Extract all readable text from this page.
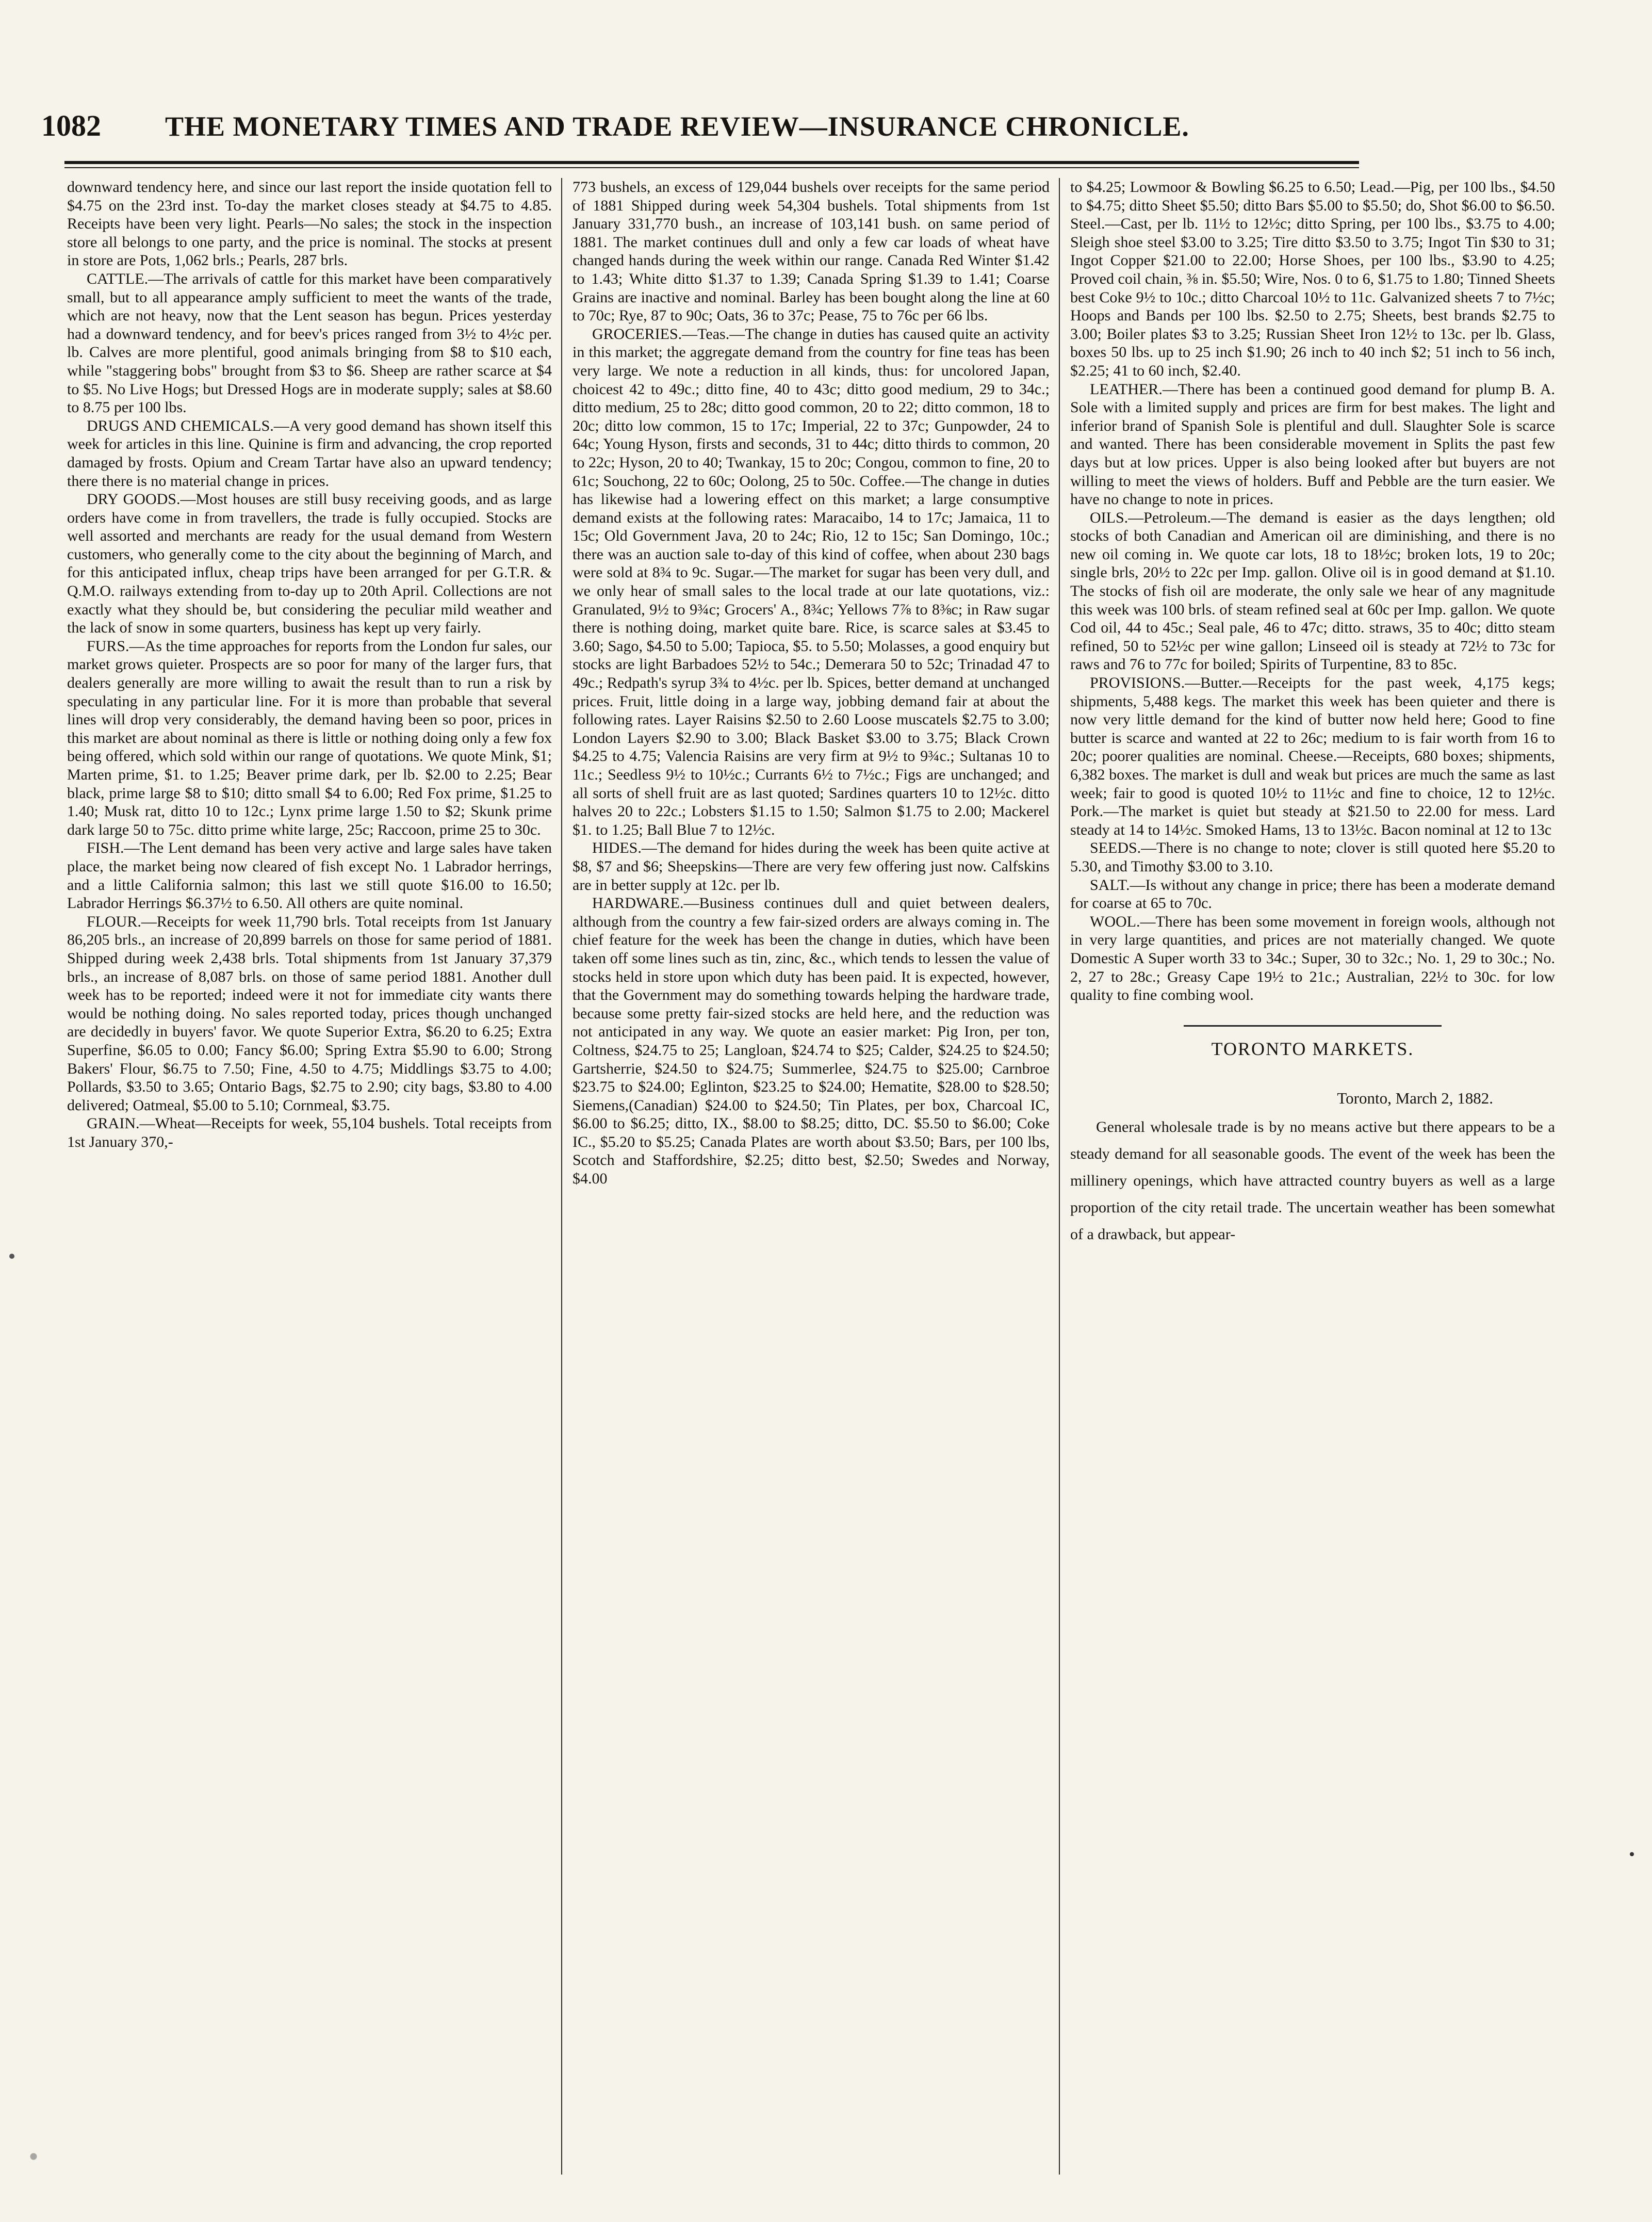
1082	THE MONETARY TIMES AND TRADE REVIEW—INSURANCE CHRONICLE.

downward tendency here, and since our last report the inside quotation fell to $4.75 on the 23rd inst. To-day the market closes steady at $4.75 to 4.85. Receipts have been very light. Pearls—No sales; the stock in the inspection store all belongs to one party, and the price is nominal. The stocks at present in store are Pots, 1,062 brls.; Pearls, 287 brls.

CATTLE.—The arrivals of cattle for this market have been comparatively small, but to all appearance amply sufficient to meet the wants of the trade, which are not heavy, now that the Lent season has begun. Prices yesterday had a downward tendency, and for beev's prices ranged from 3½ to 4½c per. lb. Calves are more plentiful, good animals bringing from $8 to $10 each, while "staggering bobs" brought from $3 to $6. Sheep are rather scarce at $4 to $5. No Live Hogs; but Dressed Hogs are in moderate supply; sales at $8.60 to 8.75 per 100 lbs.

DRUGS AND CHEMICALS.—A very good demand has shown itself this week for articles in this line. Quinine is firm and advancing, the crop reported damaged by frosts. Opium and Cream Tartar have also an upward tendency; there there is no material change in prices.

DRY GOODS.—Most houses are still busy receiving goods, and as large orders have come in from travellers, the trade is fully occupied. Stocks are well assorted and merchants are ready for the usual demand from Western customers, who generally come to the city about the beginning of March, and for this anticipated influx, cheap trips have been arranged for per G.T.R. & Q.M.O. railways extending from to-day up to 20th April. Collections are not exactly what they should be, but considering the peculiar mild weather and the lack of snow in some quarters, business has kept up very fairly.

FURS.—As the time approaches for reports from the London fur sales, our market grows quieter. Prospects are so poor for many of the larger furs, that dealers generally are more willing to await the result than to run a risk by speculating in any particular line. For it is more than probable that several lines will drop very considerably, the demand having been so poor, prices in this market are about nominal as there is little or nothing doing only a few fox being offered, which sold within our range of quotations. We quote Mink, $1; Marten prime, $1. to 1.25; Beaver prime dark, per lb. $2.00 to 2.25; Bear black, prime large $8 to $10; ditto small $4 to 6.00; Red Fox prime, $1.25 to 1.40; Musk rat, ditto 10 to 12c.; Lynx prime large 1.50 to $2; Skunk prime dark large 50 to 75c. ditto prime white large, 25c; Raccoon, prime 25 to 30c.

FISH.—The Lent demand has been very active and large sales have taken place, the market being now cleared of fish except No. 1 Labrador herrings, and a little California salmon; this last we still quote $16.00 to 16.50; Labrador Herrings $6.37½ to 6.50. All others are quite nominal.

FLOUR.—Receipts for week 11,790 brls. Total receipts from 1st January 86,205 brls., an increase of 20,899 barrels on those for same period of 1881. Shipped during week 2,438 brls. Total shipments from 1st January 37,379 brls., an increase of 8,087 brls. on those of same period 1881. Another dull week has to be reported; indeed were it not for immediate city wants there would be nothing doing. No sales reported today, prices though unchanged are decidedly in buyers' favor. We quote Superior Extra, $6.20 to 6.25; Extra Superfine, $6.05 to 0.00; Fancy $6.00; Spring Extra $5.90 to 6.00; Strong Bakers' Flour, $6.75 to 7.50; Fine, 4.50 to 4.75; Middlings $3.75 to 4.00; Pollards, $3.50 to 3.65; Ontario Bags, $2.75 to 2.90; city bags, $3.80 to 4.00 delivered; Oatmeal, $5.00 to 5.10; Cornmeal, $3.75.

GRAIN.—Wheat—Receipts for week, 55,104 bushels. Total receipts from 1st January 370,-

773 bushels, an excess of 129,044 bushels over receipts for the same period of 1881 Shipped during week 54,304 bushels. Total shipments from 1st January 331,770 bush., an increase of 103,141 bush. on same period of 1881. The market continues dull and only a few car loads of wheat have changed hands during the week within our range. Canada Red Winter $1.42 to 1.43; White ditto $1.37 to 1.39; Canada Spring $1.39 to 1.41; Coarse Grains are inactive and nominal. Barley has been bought along the line at 60 to 70c; Rye, 87 to 90c; Oats, 36 to 37c; Pease, 75 to 76c per 66 lbs.

GROCERIES.—Teas.—The change in duties has caused quite an activity in this market; the aggregate demand from the country for fine teas has been very large. We note a reduction in all kinds, thus: for uncolored Japan, choicest 42 to 49c.; ditto fine, 40 to 43c; ditto good medium, 29 to 34c.; ditto medium, 25 to 28c; ditto good common, 20 to 22; ditto common, 18 to 20c; ditto low common, 15 to 17c; Imperial, 22 to 37c; Gunpowder, 24 to 64c; Young Hyson, firsts and seconds, 31 to 44c; ditto thirds to common, 20 to 22c; Hyson, 20 to 40; Twankay, 15 to 20c; Congou, common to fine, 20 to 61c; Souchong, 22 to 60c; Oolong, 25 to 50c. Coffee.—The change in duties has likewise had a lowering effect on this market; a large consumptive demand exists at the following rates: Maracaibo, 14 to 17c; Jamaica, 11 to 15c; Old Government Java, 20 to 24c; Rio, 12 to 15c; San Domingo, 10c.; there was an auction sale to-day of this kind of coffee, when about 230 bags were sold at 8¾ to 9c. Sugar.—The market for sugar has been very dull, and we only hear of small sales to the local trade at our late quotations, viz.: Granulated, 9½ to 9¾c; Grocers' A., 8¾c; Yellows 7⅞ to 8⅜c; in Raw sugar there is nothing doing, market quite bare. Rice, is scarce sales at $3.45 to 3.60; Sago, $4.50 to 5.00; Tapioca, $5. to 5.50; Molasses, a good enquiry but stocks are light Barbadoes 52½ to 54c.; Demerara 50 to 52c; Trinadad 47 to 49c.; Redpath's syrup 3¾ to 4½c. per lb. Spices, better demand at unchanged prices. Fruit, little doing in a large way, jobbing demand fair at about the following rates. Layer Raisins $2.50 to 2.60 Loose muscatels $2.75 to 3.00; London Layers $2.90 to 3.00; Black Basket $3.00 to 3.75; Black Crown $4.25 to 4.75; Valencia Raisins are very firm at 9½ to 9¾c.; Sultanas 10 to 11c.; Seedless 9½ to 10½c.; Currants 6½ to 7½c.; Figs are unchanged; and all sorts of shell fruit are as last quoted; Sardines quarters 10 to 12½c. ditto halves 20 to 22c.; Lobsters $1.15 to 1.50; Salmon $1.75 to 2.00; Mackerel $1. to 1.25; Ball Blue 7 to 12½c.

HIDES.—The demand for hides during the week has been quite active at $8, $7 and $6; Sheepskins—There are very few offering just now. Calfskins are in better supply at 12c. per lb.

HARDWARE.—Business continues dull and quiet between dealers, although from the country a few fair-sized orders are always coming in. The chief feature for the week has been the change in duties, which have been taken off some lines such as tin, zinc, &c., which tends to lessen the value of stocks held in store upon which duty has been paid. It is expected, however, that the Government may do something towards helping the hardware trade, because some pretty fair-sized stocks are held here, and the reduction was not anticipated in any way. We quote an easier market: Pig Iron, per ton, Coltness, $24.75 to 25; Langloan, $24.74 to $25; Calder, $24.25 to $24.50; Gartsherrie, $24.50 to $24.75; Summerlee, $24.75 to $25.00; Carnbroe $23.75 to $24.00; Eglinton, $23.25 to $24.00; Hematite, $28.00 to $28.50; Siemens,(Canadian) $24.00 to $24.50; Tin Plates, per box, Charcoal IC, $6.00 to $6.25; ditto, IX., $8.00 to $8.25; ditto, DC. $5.50 to $6.00; Coke IC., $5.20 to $5.25; Canada Plates are worth about $3.50; Bars, per 100 lbs, Scotch and Staffordshire, $2.25; ditto best, $2.50; Swedes and Norway, $4.00

to $4.25; Lowmoor & Bowling $6.25 to 6.50; Lead.—Pig, per 100 lbs., $4.50 to $4.75; ditto Sheet $5.50; ditto Bars $5.00 to $5.50; do, Shot $6.00 to $6.50. Steel.—Cast, per lb. 11½ to 12½c; ditto Spring, per 100 lbs., $3.75 to 4.00; Sleigh shoe steel $3.00 to 3.25; Tire ditto $3.50 to 3.75; Ingot Tin $30 to 31; Ingot Copper $21.00 to 22.00; Horse Shoes, per 100 lbs., $3.90 to 4.25; Proved coil chain, ⅜ in. $5.50; Wire, Nos. 0 to 6, $1.75 to 1.80; Tinned Sheets best Coke 9½ to 10c.; ditto Charcoal 10½ to 11c. Galvanized sheets 7 to 7½c; Hoops and Bands per 100 lbs. $2.50 to 2.75; Sheets, best brands $2.75 to 3.00; Boiler plates $3 to 3.25; Russian Sheet Iron 12½ to 13c. per lb. Glass, boxes 50 lbs. up to 25 inch $1.90; 26 inch to 40 inch $2; 51 inch to 56 inch, $2.25; 41 to 60 inch, $2.40.

LEATHER.—There has been a continued good demand for plump B. A. Sole with a limited supply and prices are firm for best makes. The light and inferior brand of Spanish Sole is plentiful and dull. Slaughter Sole is scarce and wanted. There has been considerable movement in Splits the past few days but at low prices. Upper is also being looked after but buyers are not willing to meet the views of holders. Buff and Pebble are the turn easier. We have no change to note in prices.

OILS.—Petroleum.—The demand is easier as the days lengthen; old stocks of both Canadian and American oil are diminishing, and there is no new oil coming in. We quote car lots, 18 to 18½c; broken lots, 19 to 20c; single brls, 20½ to 22c per Imp. gallon. Olive oil is in good demand at $1.10. The stocks of fish oil are moderate, the only sale we hear of any magnitude this week was 100 brls. of steam refined seal at 60c per Imp. gallon. We quote Cod oil, 44 to 45c.; Seal pale, 46 to 47c; ditto. straws, 35 to 40c; ditto steam refined, 50 to 52½c per wine gallon; Linseed oil is steady at 72½ to 73c for raws and 76 to 77c for boiled; Spirits of Turpentine, 83 to 85c.

PROVISIONS.—Butter.—Receipts for the past week, 4,175 kegs; shipments, 5,488 kegs. The market this week has been quieter and there is now very little demand for the kind of butter now held here; Good to fine butter is scarce and wanted at 22 to 26c; medium to is fair worth from 16 to 20c; poorer qualities are nominal. Cheese.—Receipts, 680 boxes; shipments, 6,382 boxes. The market is dull and weak but prices are much the same as last week; fair to good is quoted 10½ to 11½c and fine to choice, 12 to 12½c. Pork.—The market is quiet but steady at $21.50 to 22.00 for mess. Lard steady at 14 to 14½c. Smoked Hams, 13 to 13½c. Bacon nominal at 12 to 13c

SEEDS.—There is no change to note; clover is still quoted here $5.20 to 5.30, and Timothy $3.00 to 3.10.

SALT.—Is without any change in price; there has been a moderate demand for coarse at 65 to 70c.

WOOL.—There has been some movement in foreign wools, although not in very large quantities, and prices are not materially changed. We quote Domestic A Super worth 33 to 34c.; Super, 30 to 32c.; No. 1, 29 to 30c.; No. 2, 27 to 28c.; Greasy Cape 19½ to 21c.; Australian, 22½ to 30c. for low quality to fine combing wool.

TORONTO MARKETS.
Toronto, March 2, 1882.

General wholesale trade is by no means active but there appears to be a steady demand for all seasonable goods. The event of the week has been the millinery openings, which have attracted country buyers as well as a large proportion of the city retail trade. The uncertain weather has been somewhat of a drawback, but appear-
